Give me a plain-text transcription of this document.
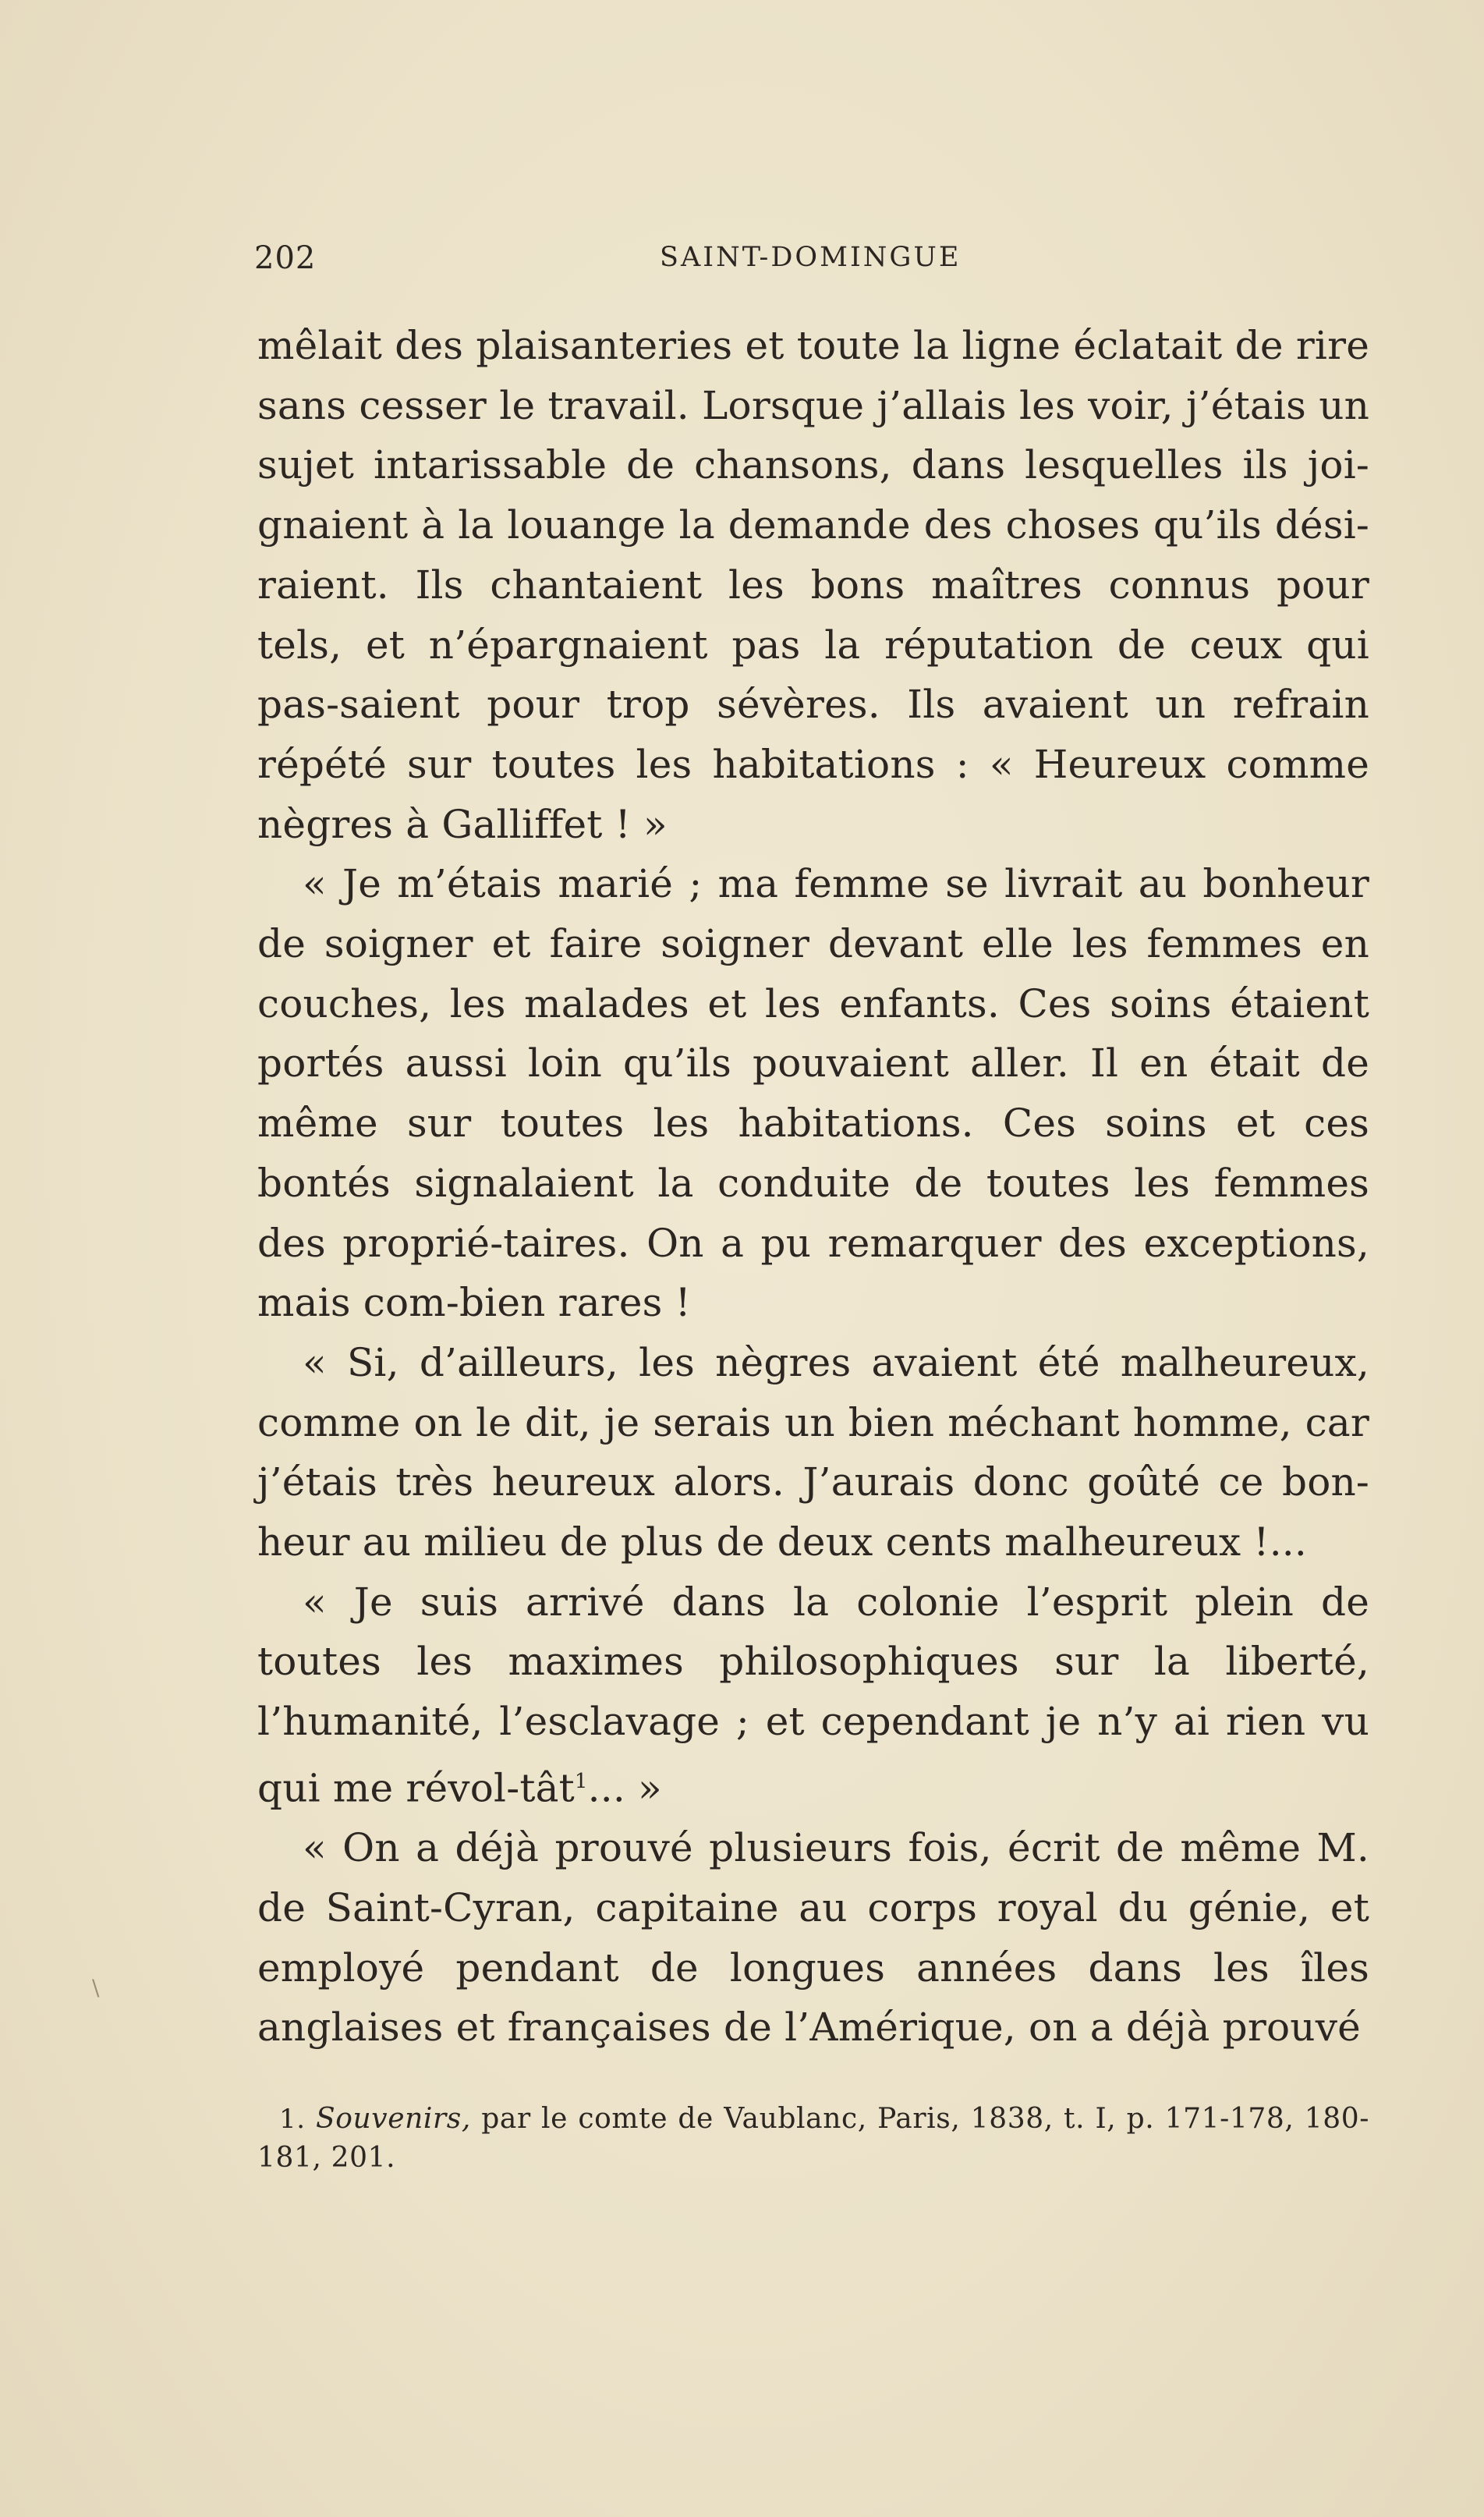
202	SAINT-DOMINGUE

mêlait des plaisanteries et toute la ligne éclatait de rire sans cesser le travail. Lorsque j’allais les voir, j’étais un sujet intarissable de chansons, dans lesquelles ils joi-gnaient à la louange la demande des choses qu’ils dési-raient. Ils chantaient les bons maîtres connus pour tels, et n’épargnaient pas la réputation de ceux qui pas-saient pour trop sévères. Ils avaient un refrain répété sur toutes les habitations : « Heureux comme nègres à Galliffet ! »

« Je m’étais marié ; ma femme se livrait au bonheur de soigner et faire soigner devant elle les femmes en couches, les malades et les enfants. Ces soins étaient portés aussi loin qu’ils pouvaient aller. Il en était de même sur toutes les habitations. Ces soins et ces bontés signalaient la conduite de toutes les femmes des proprié-taires. On a pu remarquer des exceptions, mais com-bien rares !

« Si, d’ailleurs, les nègres avaient été malheureux, comme on le dit, je serais un bien méchant homme, car j’étais très heureux alors. J’aurais donc goûté ce bon-heur au milieu de plus de deux cents malheureux !...

« Je suis arrivé dans la colonie l’esprit plein de toutes les maximes philosophiques sur la liberté, l’humanité, l’esclavage ; et cependant je n’y ai rien vu qui me révol-tât$^1$... »

« On a déjà prouvé plusieurs fois, écrit de même M. de Saint-Cyran, capitaine au corps royal du génie, et employé pendant de longues années dans les îles anglaises et françaises de l’Amérique, on a déjà prouvé

1. Souvenirs, par le comte de Vaublanc, Paris, 1838, t. I, p. 171-178, 180-181, 201.
\
